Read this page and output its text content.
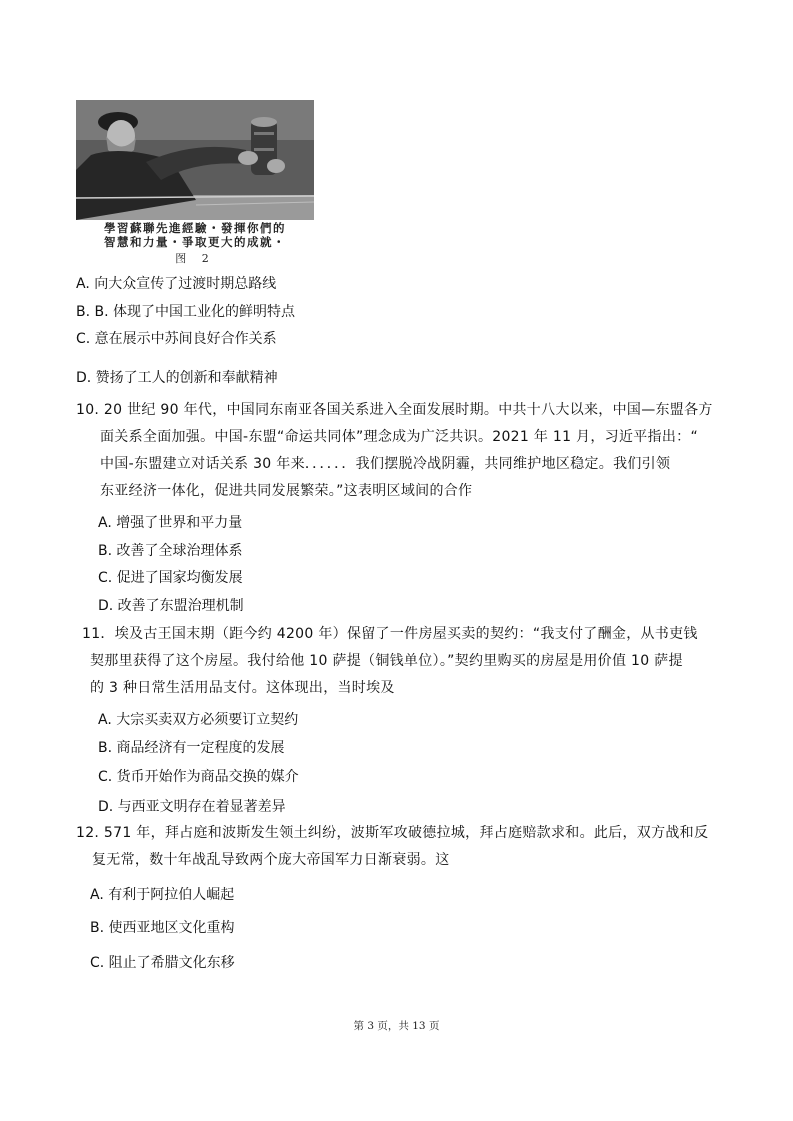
學習蘇聯先進經驗・發揮你們的
智慧和力量・爭取更大的成就・
图 2
A. 向大众宣传了过渡时期总路线
B. B. 体现了中国工业化的鲜明特点
C. 意在展示中苏间良好合作关系
D. 赞扬了工人的创新和奉献精神
10. 20 世纪 90 年代，中国同东南亚各国关系进入全面发展时期。中共十八大以来，中国—东盟各方
面关系全面加强。中国-东盟“命运共同体”理念成为广泛共识。2021 年 11 月，习近平指出：“
中国-东盟建立对话关系 30 年来．．．．．．我们摆脱冷战阴霾，共同维护地区稳定。我们引领
东亚经济一体化，促进共同发展繁荣。”这表明区域间的合作
A. 增强了世界和平力量
B. 改善了全球治理体系
C. 促进了国家均衡发展
D. 改善了东盟治理机制
11．埃及古王国末期（距今约 4200 年）保留了一件房屋买卖的契约：“我支付了酬金，从书吏钱
契那里获得了这个房屋。我付给他 10 萨提（铜钱单位）。”契约里购买的房屋是用价值 10 萨提
的 3 种日常生活用品支付。这体现出，当时埃及
A. 大宗买卖双方必须要订立契约
B. 商品经济有一定程度的发展
C. 货币开始作为商品交换的媒介
D. 与西亚文明存在着显著差异
12. 571 年，拜占庭和波斯发生领土纠纷，波斯军攻破德拉城，拜占庭赔款求和。此后，双方战和反
复无常，数十年战乱导致两个庞大帝国军力日渐衰弱。这
A. 有利于阿拉伯人崛起
B. 使西亚地区文化重构
C. 阻止了希腊文化东移
第 3 页，共 13 页
